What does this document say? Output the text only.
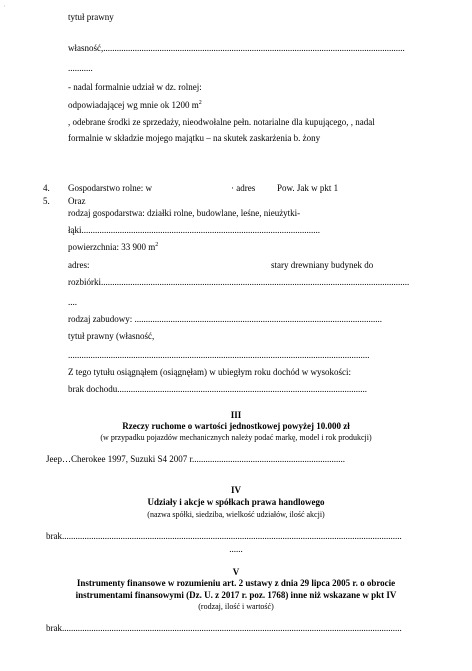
'
tytuł prawny
własność,......................................................................................................................................
...........
- nadal formalnie udział w dz. rolnej:
odpowiadającej wg mnie ok 1200 $m^2$
, odebrane środki ze sprzedaży, nieodwołalne pełn. notarialne dla kupującego, , nadal
formalnie w składzie mojego majątku – na skutek zaskarżenia b. żony
4. Gospodarstwo rolne: w	· adres Pow. Jak w pkt 1
5. Oraz
rodzaj gospodarstwa: działki rolne, budowlane, leśne, nieużytki-
łąki..........................................................................................................
powierzchnia: 33 900 $m^2$
adres:	stary drewniany budynek do
rozbiórki.........................................................................................................................................
....
rodzaj zabudowy: ..............................................................................................................
tytuł prawny (własność,
......................................................................................................................................
Z tego tytułu osiągnąłem (osiągnęłam) w ubiegłym roku dochód w wysokości:
brak dochodu...............................................................................................................
III
Rzeczy ruchome o wartości jednostkowej powyżej 10.000 zł
(w przypadku pojazdów mechanicznych należy podać markę, model i rok produkcji)
Jeep…Cherokee 1997, Suzuki S4 2007 r....................................................................
IV
Udziały i akcje w spółkach prawa handlowego
(nazwa spółki, siedziba, wielkość udziałów, ilość akcji)
brak.......................................................................................................................................................
......
V
Instrumenty finansowe w rozumieniu art. 2 ustawy z dnia 29 lipca 2005 r. o obrocie
instrumentami finansowymi (Dz. U. z 2017 r. poz. 1768) inne niż wskazane w pkt IV
(rodzaj, ilość i wartość)
brak.......................................................................................................................................................
